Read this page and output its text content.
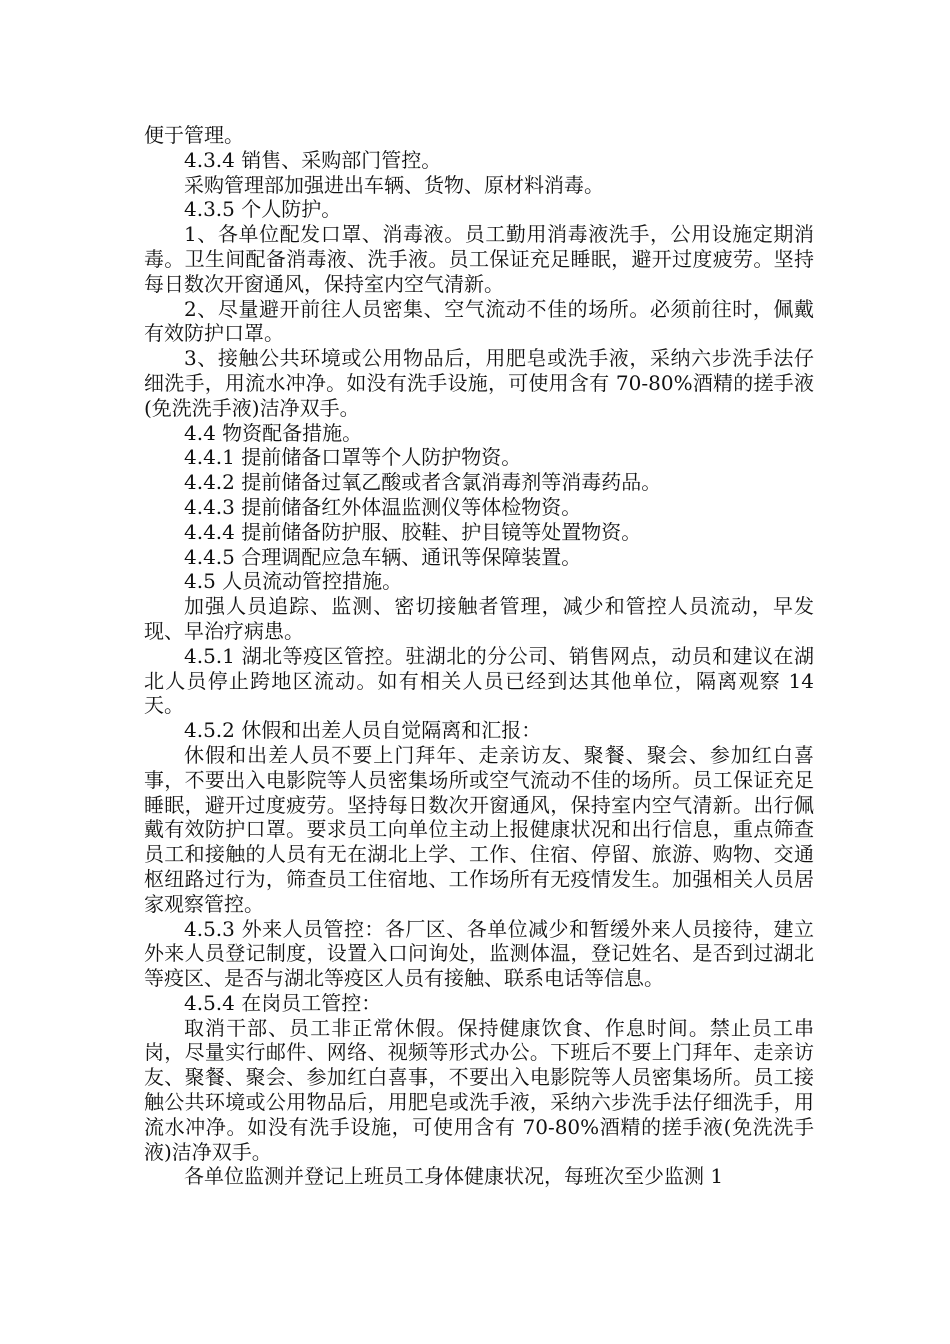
便于管理。

4.3.4 销售、采购部门管控。

采购管理部加强进出车辆、货物、原材料消毒。

4.3.5 个人防护。

1、各单位配发口罩、消毒液。员工勤用消毒液洗手，公用设施定期消毒。卫生间配备消毒液、洗手液。员工保证充足睡眠，避开过度疲劳。坚持每日数次开窗通风，保持室内空气清新。

2、尽量避开前往人员密集、空气流动不佳的场所。必须前往时，佩戴有效防护口罩。

3、接触公共环境或公用物品后，用肥皂或洗手液，采纳六步洗手法仔细洗手，用流水冲净。如没有洗手设施，可使用含有 70-80%酒精的搓手液(免洗洗手液)洁净双手。

4.4 物资配备措施。

4.4.1 提前储备口罩等个人防护物资。

4.4.2 提前储备过氧乙酸或者含氯消毒剂等消毒药品。

4.4.3 提前储备红外体温监测仪等体检物资。

4.4.4 提前储备防护服、胶鞋、护目镜等处置物资。

4.4.5 合理调配应急车辆、通讯等保障装置。

4.5 人员流动管控措施。

加强人员追踪、监测、密切接触者管理，减少和管控人员流动，早发现、早治疗病患。

4.5.1 湖北等疫区管控。驻湖北的分公司、销售网点，动员和建议在湖北人员停止跨地区流动。如有相关人员已经到达其他单位，隔离观察 14 天。

4.5.2 休假和出差人员自觉隔离和汇报：

休假和出差人员不要上门拜年、走亲访友、聚餐、聚会、参加红白喜事，不要出入电影院等人员密集场所或空气流动不佳的场所。员工保证充足睡眠，避开过度疲劳。坚持每日数次开窗通风，保持室内空气清新。出行佩戴有效防护口罩。要求员工向单位主动上报健康状况和出行信息，重点筛查员工和接触的人员有无在湖北上学、工作、住宿、停留、旅游、购物、交通枢纽路过行为，筛查员工住宿地、工作场所有无疫情发生。加强相关人员居家观察管控。

4.5.3 外来人员管控：各厂区、各单位减少和暂缓外来人员接待，建立外来人员登记制度，设置入口问询处，监测体温，登记姓名、是否到过湖北等疫区、是否与湖北等疫区人员有接触、联系电话等信息。

4.5.4 在岗员工管控：

取消干部、员工非正常休假。保持健康饮食、作息时间。禁止员工串岗，尽量实行邮件、网络、视频等形式办公。下班后不要上门拜年、走亲访友、聚餐、聚会、参加红白喜事，不要出入电影院等人员密集场所。员工接触公共环境或公用物品后，用肥皂或洗手液，采纳六步洗手法仔细洗手，用流水冲净。如没有洗手设施，可使用含有 70-80%酒精的搓手液(免洗洗手液)洁净双手。

各单位监测并登记上班员工身体健康状况，每班次至少监测 1
